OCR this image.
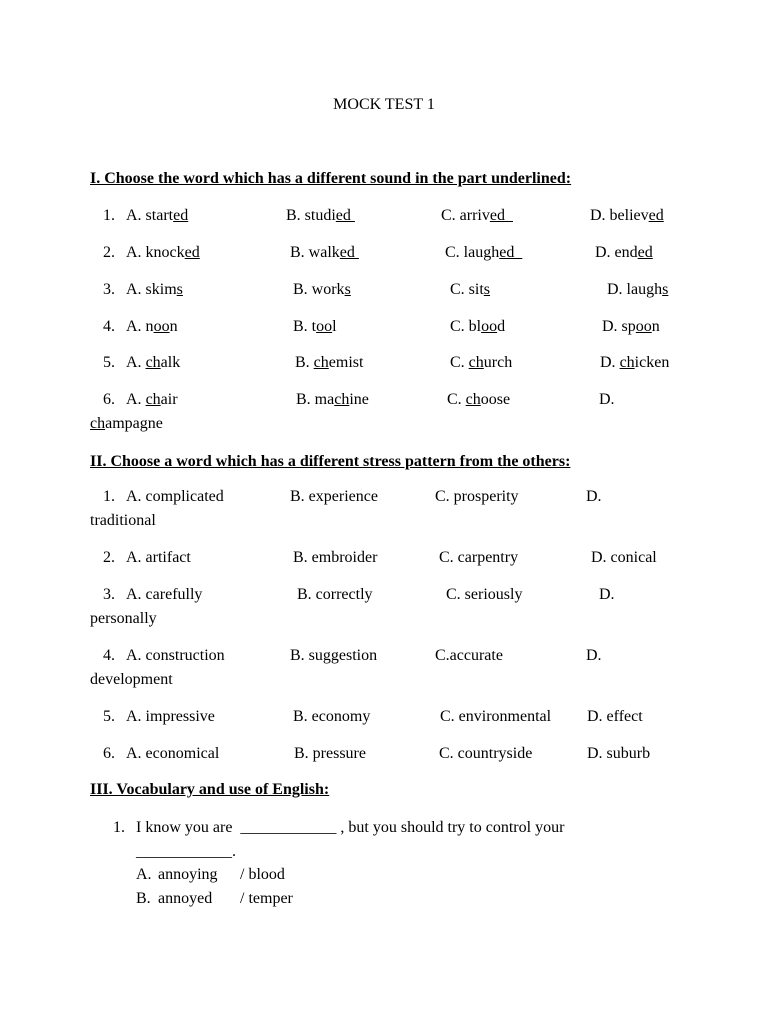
MOCK TEST 1
I. Choose the word which has a different sound in the part underlined:
1. A. started	B. studied	C. arrived	D. believed
2. A. knocked	B. walked	C. laughed	D. ended
3. A. skims	B. works	C. sits	D. laughs
4. A. noon	B. tool	C. blood	D. spoon
5. A. chalk	B. chemist	C. church	D. chicken
6. A. chair	B. machine	C. choose	D.
champagne
II. Choose a word which has a different stress pattern from the others:
1. A. complicated	B. experience	C. prosperity	D.
traditional
2. A. artifact	B. embroider	C. carpentry	D. conical
3. A. carefully	B. correctly	C. seriously	D.
personally
4. A. construction	B. suggestion	C.accurate	D.
development
5. A. impressive	B. economy	C. environmental D. effect
6. A. economical	B. pressure	C. countryside	D. suburb
III. Vocabulary and use of English:
1. I know you are  ____________ , but you should try to control your
____________.
A. annoying / blood
B. annoyed / temper
